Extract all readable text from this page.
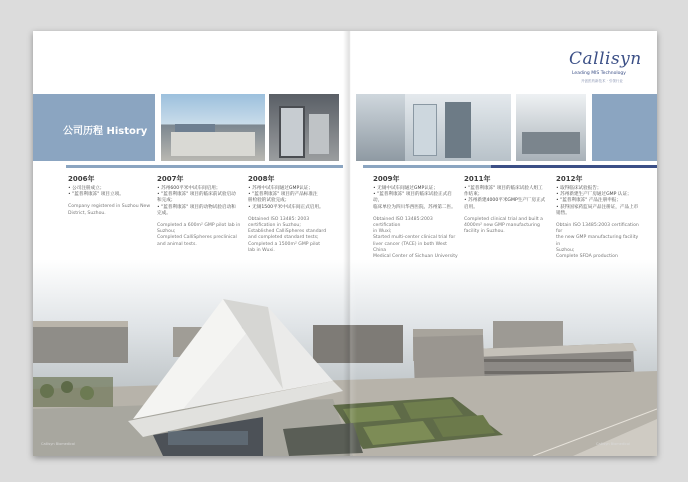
Callisyn
Leading MIS Technology
开创医药新技术 · 引领行业
公司历程 History
2006年
• 公司注册成立；
• "蓝普利康冻" 项目立项。
Company registered in Suzhou New
District, Suzhou.
2007年
• 苏州600平米中试车间启用；
• "蓝普利康冻" 项目的临床前试验启动
和完成；
• "蓝普利康冻" 项目的动物试验启动和
完成。
Completed a 600m² GMP pilot lab in
Suzhou;
Completed CalliSpheres preclinical
and animal tests.
2008年
• 苏州中试车间通过GMP认证；
• "蓝普利康冻" 项目的产品标准注
册检验的试验完成；
• 无锡1500平米中试车间正式启用。
Obtained ISO 13485: 2003
certification in Suzhou;
Established CalliSpheres standard
and completed standard tests;
Completed a 1500m² GMP pilot
lab in Wuxi.
2009年
• 无锡中试车间通过GMP认证；
• "蓝普利康冻" 项目的临床试验正式启动，
临床单位为四川华西医院、苏州第二医。
Obtained ISO 13485:2003 certification
in Wuxi;
Started multi-center clinical trial for
liver cancer (TACE) in both West China
Medical Center of Sichuan University
2011年
• "蓝普利康冻" 项目的临床试验人组工
作结束；
• 苏州新建4000平米GMP生产厂房正式
启用。
Completed clinical trial and built a
4000m² new GMP manufacturing
facility in Suzhou.
2012年
• 取得临床试验报告；
• 苏州新建生产厂房通过GMP 认证；
• "蓝普利康冻" 产品注册申报；
• 获得国家药监局产品注册证，产品上市
销售。
Obtain ISO 13485:2003 certification for
the new GMP manufacturing facility in
Suzhou;
Complete SFDA production
Callisyn Biomedical	Callisyn Biomedical
